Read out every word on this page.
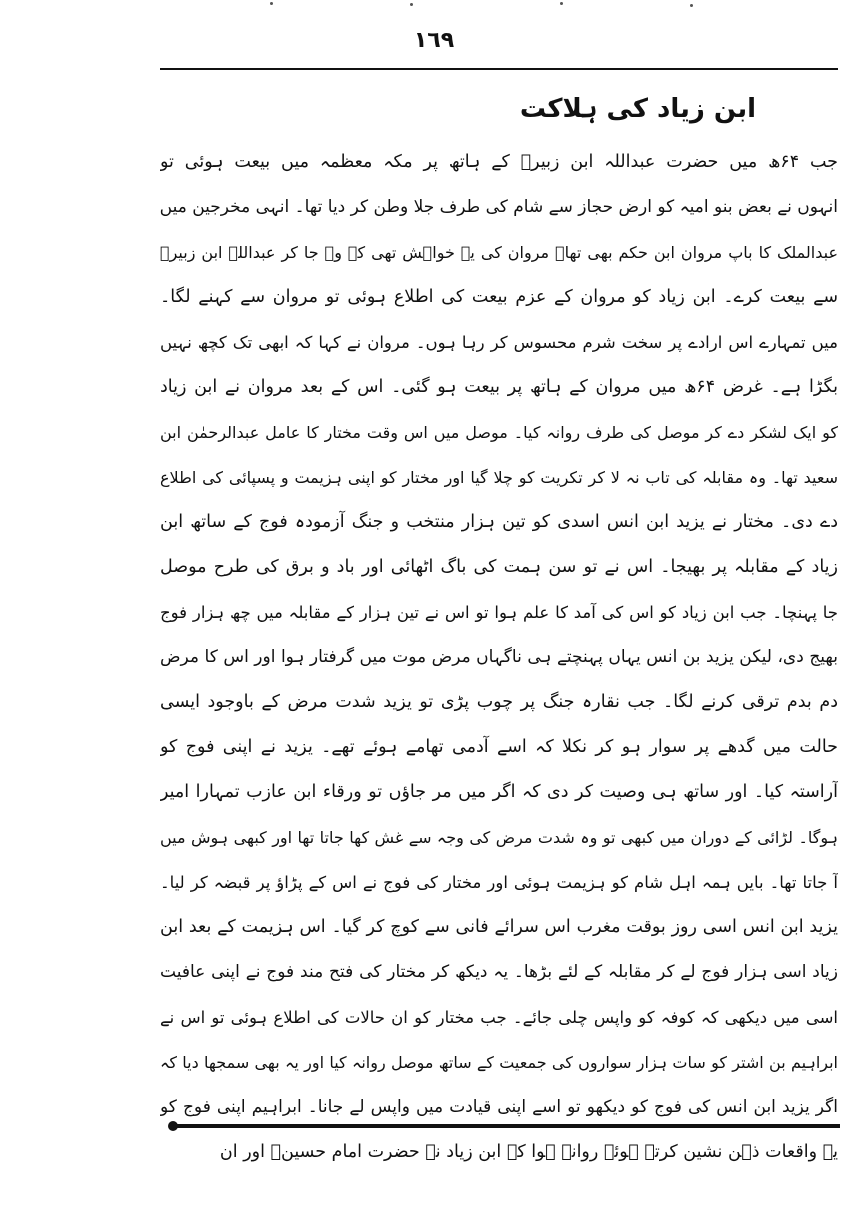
١٦٩
ابن زیاد کی ہلاکت
جب ۶۴ھ میں حضرت عبداللہ ابن زبیرؓ کے ہاتھ پر مکہ معظمہ میں بیعت ہوئی تو
انہوں نے بعض بنو امیہ کو ارض حجاز سے شام کی طرف جلا وطن کر دیا تھا۔ انہی مخرجین میں
عبدالملک کا باپ مروان ابن حکم بھی تھا۔ مروان کی یہ خواہش تھی کہ وہ جا کر عبداللہ ابن زبیرؓ
سے بیعت کرے۔ ابن زیاد کو مروان کے عزم بیعت کی اطلاع ہوئی تو مروان سے کہنے لگا۔
میں تمہارے اس ارادے پر سخت شرم محسوس کر رہا ہوں۔ مروان نے کہا کہ ابھی تک کچھ نہیں
بگڑا ہے۔ غرض ۶۴ھ میں مروان کے ہاتھ پر بیعت ہو گئی۔ اس کے بعد مروان نے ابن زیاد
کو ایک لشکر دے کر موصل کی طرف روانہ کیا۔ موصل میں اس وقت مختار کا عامل عبدالرحمٰن ابن
سعید تھا۔ وہ مقابلہ کی تاب نہ لا کر تکریت کو چلا گیا اور مختار کو اپنی ہزیمت و پسپائی کی اطلاع
دے دی۔ مختار نے یزید ابن انس اسدی کو تین ہزار منتخب و جنگ آزمودہ فوج کے ساتھ ابن
زیاد کے مقابلہ پر بھیجا۔ اس نے تو سن ہمت کی باگ اٹھائی اور باد و برق کی طرح موصل
جا پہنچا۔ جب ابن زیاد کو اس کی آمد کا علم ہوا تو اس نے تین ہزار کے مقابلہ میں چھ ہزار فوج
بھیج دی، لیکن یزید بن انس یہاں پہنچتے ہی ناگہاں مرض موت میں گرفتار ہوا اور اس کا مرض
دم بدم ترقی کرنے لگا۔ جب نقارہ جنگ پر چوب پڑی تو یزید شدت مرض کے باوجود ایسی
حالت میں گدھے پر سوار ہو کر نکلا کہ اسے آدمی تھامے ہوئے تھے۔ یزید نے اپنی فوج کو
آراستہ کیا۔ اور ساتھ ہی وصیت کر دی کہ اگر میں مر جاؤں تو ورقاء ابن عازب تمہارا امیر
ہوگا۔ لڑائی کے دوران میں کبھی تو وہ شدت مرض کی وجہ سے غش کھا جاتا تھا اور کبھی ہوش میں
آ جاتا تھا۔ بایں ہمہ اہل شام کو ہزیمت ہوئی اور مختار کی فوج نے اس کے پڑاؤ پر قبضہ کر لیا۔
یزید ابن انس اسی روز بوقت مغرب اس سرائے فانی سے کوچ کر گیا۔ اس ہزیمت کے بعد ابن
زیاد اسی ہزار فوج لے کر مقابلہ کے لئے بڑھا۔ یہ دیکھ کر مختار کی فتح مند فوج نے اپنی عافیت
اسی میں دیکھی کہ کوفہ کو واپس چلی جائے۔ جب مختار کو ان حالات کی اطلاع ہوئی تو اس نے
ابراہیم بن اشتر کو سات ہزار سواروں کی جمعیت کے ساتھ موصل روانہ کیا اور یہ بھی سمجھا دیا کہ
اگر یزید ابن انس کی فوج کو دیکھو تو اسے اپنی قیادت میں واپس لے جانا۔ ابراہیم اپنی فوج کو
یہ واقعات ذہن نشین کرتے ہوئے روانہ ہوا کہ ابن زیاد نے حضرت امام حسینؓ اور ان
